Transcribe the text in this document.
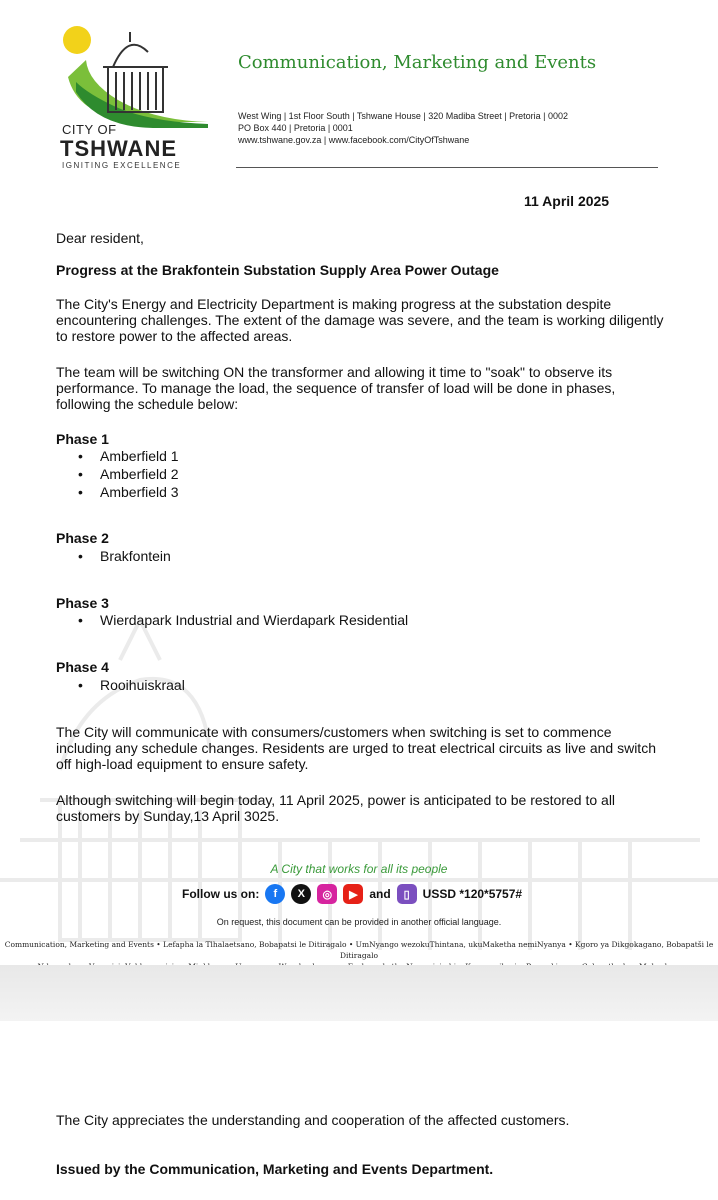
CITY OF
TSHWANE
IGNITING EXCELLENCE
Communication, Marketing and Events
West Wing | 1st Floor South | Tshwane House | 320 Madiba Street | Pretoria | 0002
PO Box 440 | Pretoria | 0001
www.tshwane.gov.za | www.facebook.com/CityOfTshwane
11 April 2025
Dear resident,
Progress at the Brakfontein Substation Supply Area Power Outage
The City's Energy and Electricity Department is making progress at the substation despite encountering challenges. The extent of the damage was severe, and the team is working diligently to restore power to the affected areas.
The team will be switching ON the transformer and allowing it time to "soak" to observe its performance. To manage the load, the sequence of transfer of load will be done in phases, following the schedule below:
Phase 1
• Amberfield 1
• Amberfield 2
• Amberfield 3
Phase 2
• Brakfontein
Phase 3
• Wierdapark Industrial and Wierdapark Residential
Phase 4
• Rooihuiskraal
The City will communicate with consumers/customers when switching is set to commence including any schedule changes. Residents are urged to treat electrical circuits as live and switch off high-load equipment to ensure safety.
Although switching will begin today, 11 April 2025, power is anticipated to be restored to all customers by Sunday,13 April 3025.
A City that works for all its people
Follow us on:	f	X	◎	▶ and	▯	USSD *120*5757#
On request, this document can be provided in another official language.
Communication, Marketing and Events • Lefapha la Tlhalaetsano, Bobapatsi le Ditiragalo • UmNyango wezokuThintana, ukuMaketha nemiNyanya • Kgoro ya Dikgokagano, Bobapatši le Ditiragalo
The City appreciates the understanding and cooperation of the affected customers.
Issued by the Communication, Marketing and Events Department.
